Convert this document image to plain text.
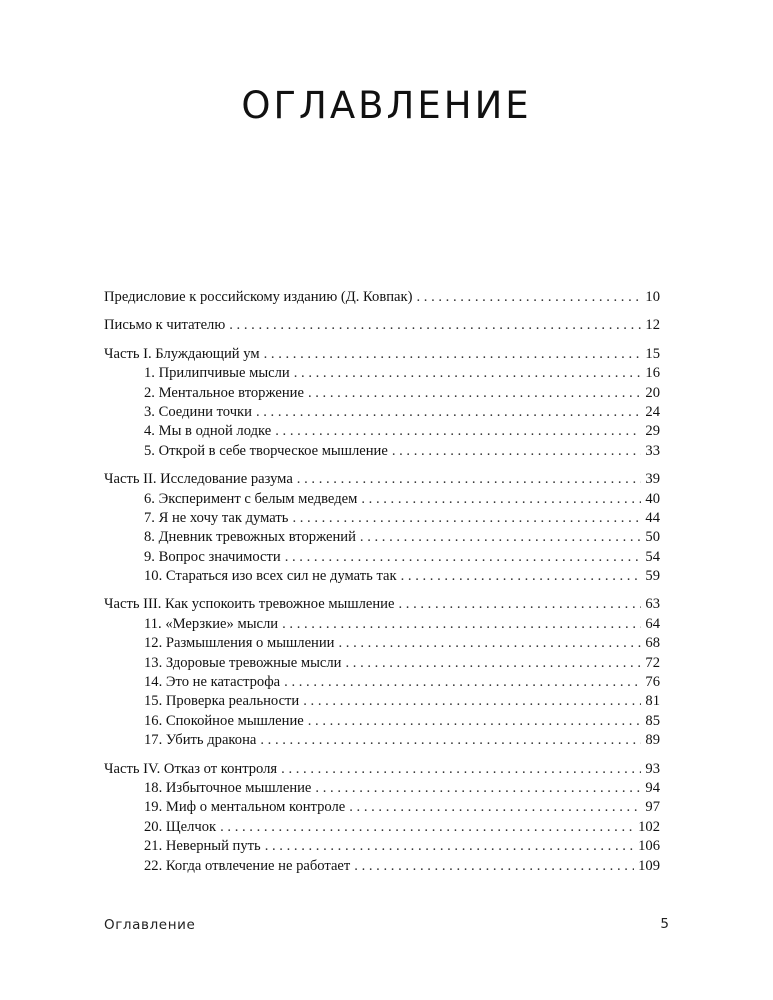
ОГЛАВЛЕНИЕ
Предисловие к российскому изданию (Д. Ковпак) . . .	10
Письмо к читателю . . .	12
Часть I. Блуждающий ум . . .	15
1. Прилипчивые мысли . . .	16
2. Ментальное вторжение . . .	20
3. Соедини точки . . .	24
4. Мы в одной лодке . . .	29
5. Открой в себе творческое мышление . . .	33
Часть II. Исследование разума . . .	39
6. Эксперимент с белым медведем . . .	40
7. Я не хочу так думать . . .	44
8. Дневник тревожных вторжений . . .	50
9. Вопрос значимости . . .	54
10. Стараться изо всех сил не думать так . . .	59
Часть III. Как успокоить тревожное мышление . . .	63
11. «Мерзкие» мысли . . .	64
12. Размышления о мышлении . . .	68
13. Здоровые тревожные мысли . . .	72
14. Это не катастрофа . . .	76
15. Проверка реальности . . .	81
16. Спокойное мышление . . .	85
17. Убить дракона . . .	89
Часть IV. Отказ от контроля . . .	93
18. Избыточное мышление . . .	94
19. Миф о ментальном контроле . . .	97
20. Щелчок . . .	102
21. Неверный путь . . .	106
22. Когда отвлечение не работает . . .	109
Оглавление	5
